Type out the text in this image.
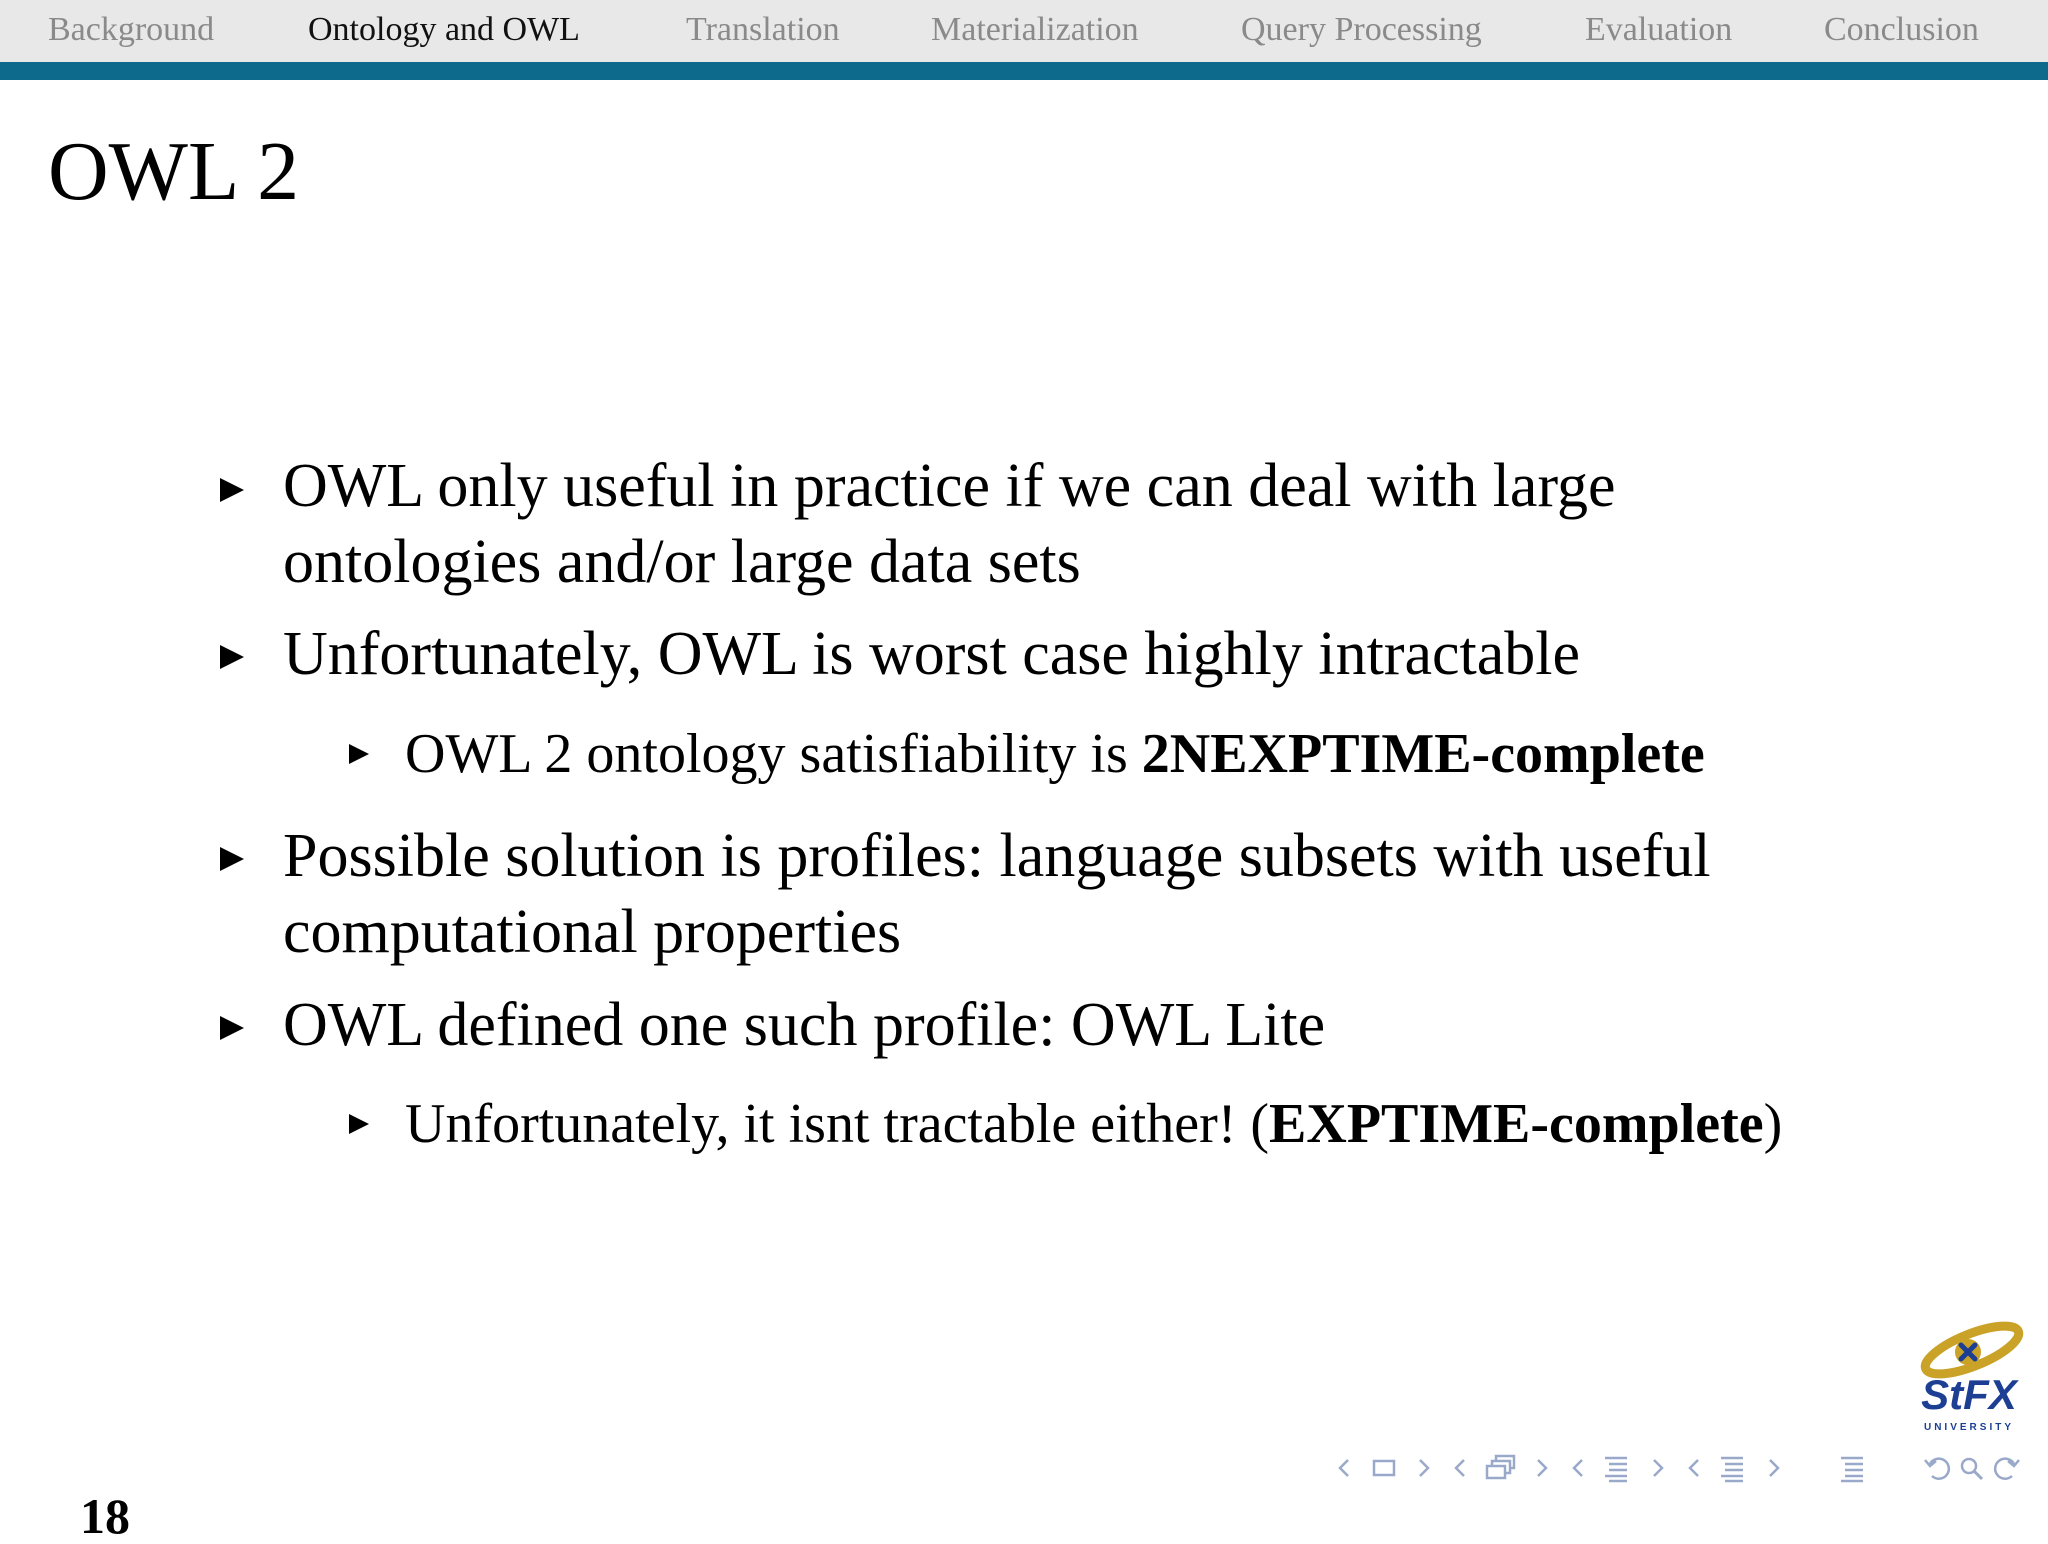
Background	Ontology and OWL	Translation	Materialization	Query Processing	Evaluation	Conclusion
OWL 2
OWL only useful in practice if we can deal with large
ontologies and/or large data sets
Unfortunately, OWL is worst case highly intractable
OWL 2 ontology satisfiability is 2NEXPTIME-complete
Possible solution is profiles: language subsets with useful
computational properties
OWL defined one such profile: OWL Lite
Unfortunately, it isnt tractable either! (EXPTIME-complete)
StFX
UNIVERSITY
18
